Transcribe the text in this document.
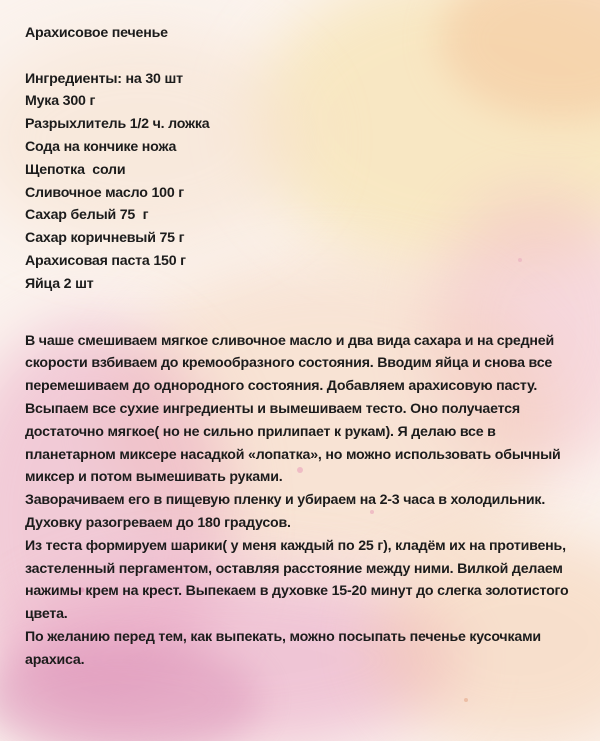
Арахисовое печенье
Ингредиенты: на 30 шт
Мука 300 г
Разрыхлитель 1/2 ч. ложка
Сода на кончике ножа
Щепотка  соли
Сливочное масло 100 г
Сахар белый 75  г
Сахар коричневый 75 г
Арахисовая паста 150 г
Яйца 2 шт

В чаше смешиваем мягкое сливочное масло и два вида сахара и на средней скорости взбиваем до кремообразного состояния. Вводим яйца и снова все перемешиваем до однородного состояния. Добавляем арахисовую пасту.

Всыпаем все сухие ингредиенты и вымешиваем тесто. Оно получается достаточно мягкое( но не сильно прилипает к рукам). Я делаю все в планетарном миксере насадкой «лопатка», но можно использовать обычный миксер и потом вымешивать руками.

Заворачиваем его в пищевую пленку и убираем на 2-3 часа в холодильник.

Духовку разогреваем до 180 градусов.

Из теста формируем шарики( у меня каждый по 25 г), кладём их на противень, застеленный пергаментом, оставляя расстояние между ними. Вилкой делаем нажимы крем на крест. Выпекаем в духовке 15-20 минут до слегка золотистого цвета.

По желанию перед тем, как выпекать, можно посыпать печенье кусочками арахиса.
